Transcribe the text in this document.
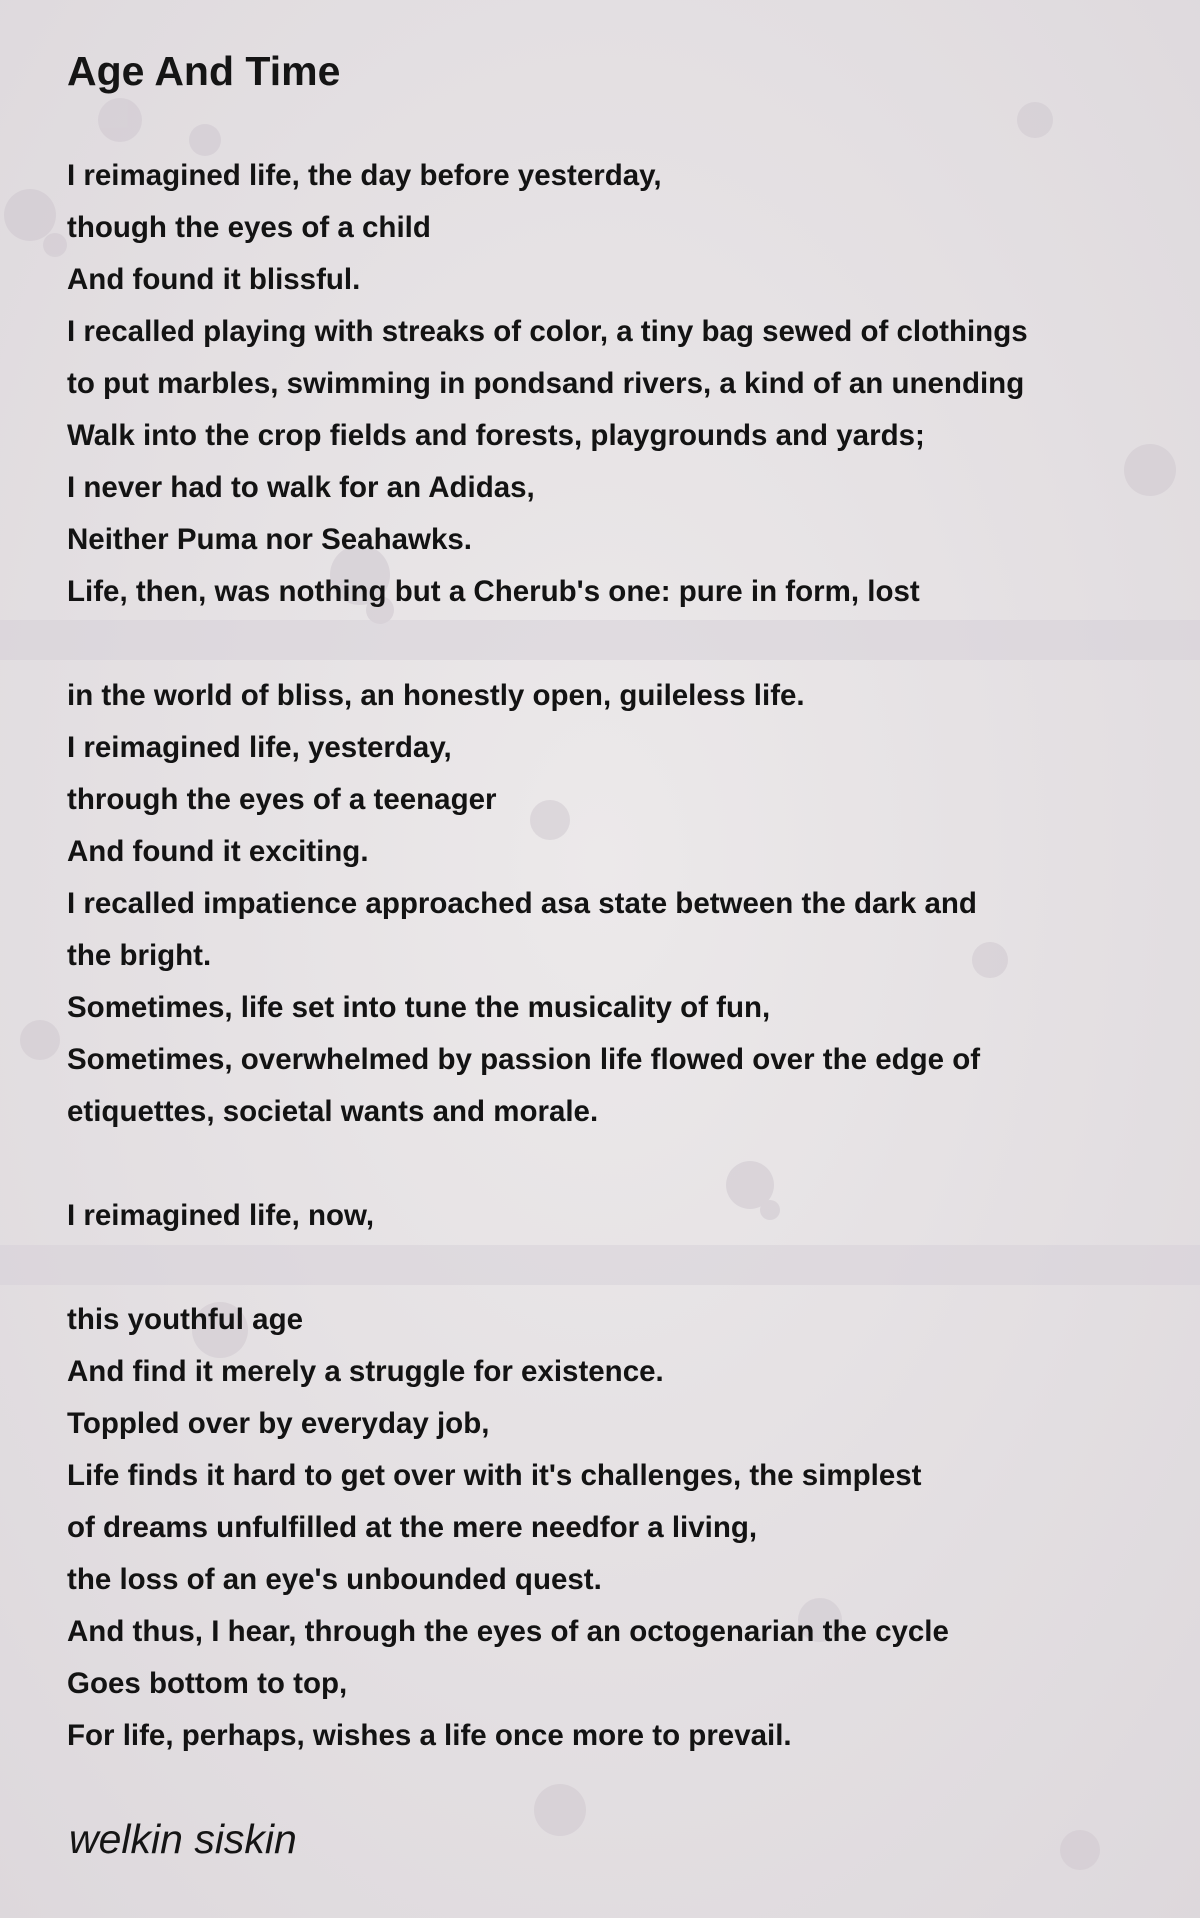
Age And Time
I reimagined life, the day before yesterday,
though the eyes of a child
And found it blissful.
I recalled playing with streaks of color, a tiny bag sewed of clothings
to put marbles, swimming in pondsand rivers, a kind of an unending
Walk into the crop fields and forests, playgrounds and yards;
I never had to walk for an Adidas,
Neither Puma nor Seahawks.
Life, then, was nothing but a Cherub's one: pure in form, lost
in the world of bliss, an honestly open, guileless life.
I reimagined life, yesterday,
through the eyes of a teenager
And found it exciting.
I recalled impatience approached asa state between the dark and
the bright.
Sometimes, life set into tune the musicality of fun,
Sometimes, overwhelmed by passion life flowed over the edge of
etiquettes, societal wants and morale.
I reimagined life, now,
this youthful age
And find it merely a struggle for existence.
Toppled over by everyday job,
Life finds it hard to get over with it's challenges, the simplest
of dreams unfulfilled at the mere needfor a living,
the loss of an eye's unbounded quest.
And thus, I hear, through the eyes of an octogenarian the cycle
Goes bottom to top,
For life, perhaps, wishes a life once more to prevail.

welkin siskin
